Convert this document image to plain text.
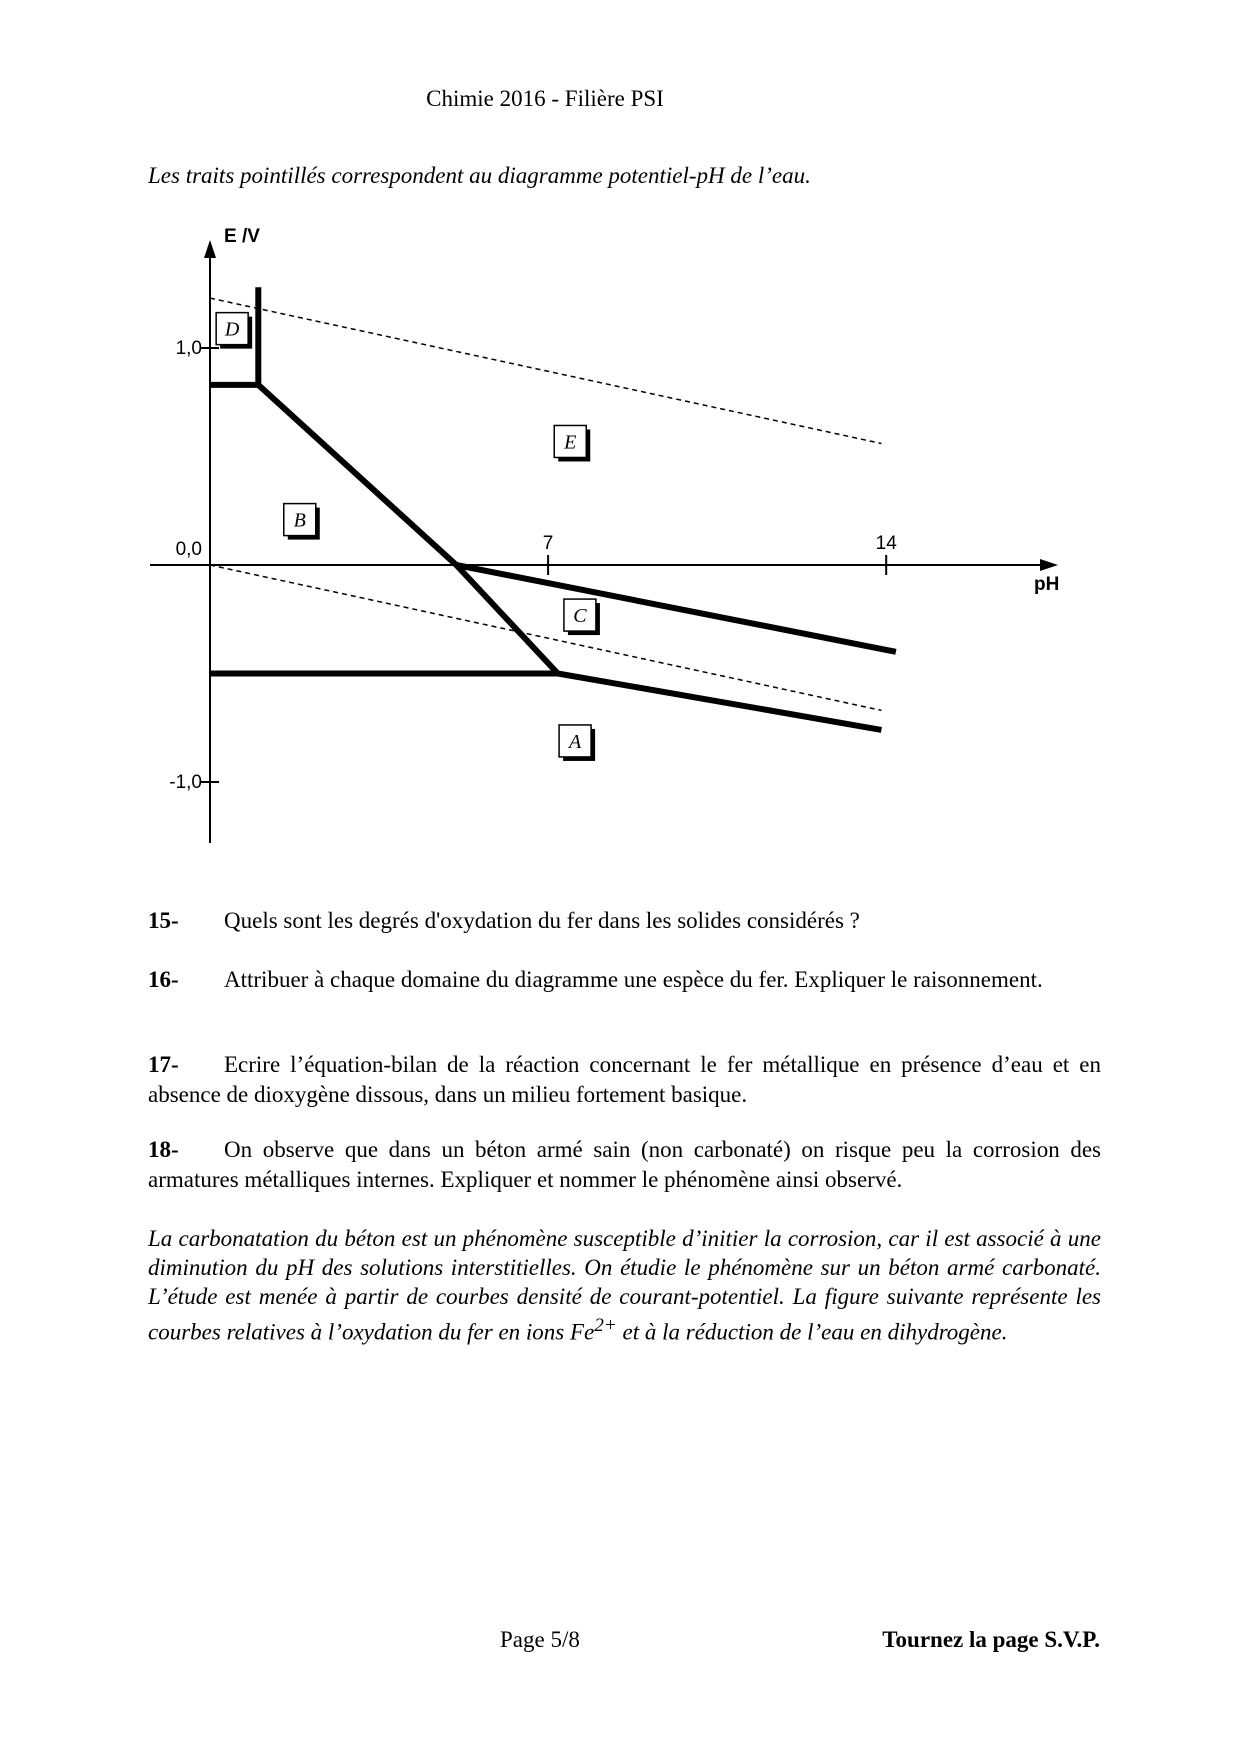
Chimie 2016 - Filière PSI
Les traits pointillés correspondent au diagramme potentiel-pH de l’eau.
E /V
pH
7	14
1,0
0,0
-1,0
D
E
B
C
A
15- Quels sont les degrés d'oxydation du fer dans les solides considérés ?
16- Attribuer à chaque domaine du diagramme une espèce du fer. Expliquer le raisonnement.
17- Ecrire l’équation-bilan de la réaction concernant le fer métallique en présence d’eau et en absence de dioxygène dissous, dans un milieu fortement basique.
18- On observe que dans un béton armé sain (non carbonaté) on risque peu la corrosion des armatures métalliques internes. Expliquer et nommer le phénomène ainsi observé.
La carbonatation du béton est un phénomène susceptible d’initier la corrosion, car il est associé à une diminution du pH des solutions interstitielles. On étudie le phénomène sur un béton armé carbonaté. L’étude est menée à partir de courbes densité de courant-potentiel. La figure suivante représente les courbes relatives à l’oxydation du fer en ions $Fe^{2+}$ et à la réduction de l’eau en dihydrogène.
Page 5/8	Tournez la page S.V.P.
